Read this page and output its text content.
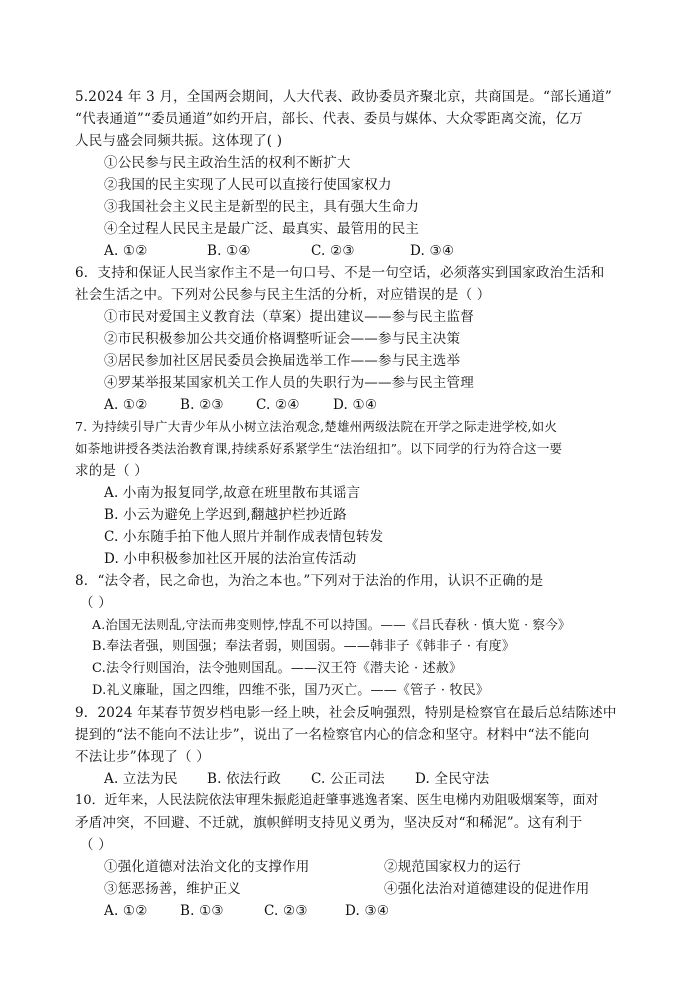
5.2024 年 3 月，全国两会期间，人大代表、政协委员齐聚北京，共商国是。“部长通道”
“代表通道”“委员通道”如约开启，部长、代表、委员与媒体、大众零距离交流，亿万
人民与盛会同频共振。这体现了( )
①公民参与民主政治生活的权利不断扩大
②我国的民主实现了人民可以直接行使国家权力
③我国社会主义民主是新型的民主，具有强大生命力
④全过程人民民主是最广泛、最真实、最管用的民主
A. ①②	B. ①④	C. ②③	D. ③④
6．支持和保证人民当家作主不是一句口号、不是一句空话，必须落实到国家政治生活和
社会生活之中。下列对公民参与民主生活的分析，对应错误的是（ ）
①市民对爱国主义教育法（草案）提出建议——参与民主监督
②市民积极参加公共交通价格调整听证会——参与民主决策
③居民参加社区居民委员会换届选举工作——参与民主选举
④罗某举报某国家机关工作人员的失职行为——参与民主管理
A. ①② B. ②③ C. ②④ D. ①④
7. 为持续引导广大青少年从小树立法治观念,楚雄州两级法院在开学之际走进学校,如火
如荼地讲授各类法治教育课,持续系好系紧学生“法治纽扣”。以下同学的行为符合这一要
求的是（ ）
A. 小南为报复同学,故意在班里散布其谣言
B. 小云为避免上学迟到,翻越护栏抄近路
C. 小东随手拍下他人照片并制作成表情包转发
D. 小申积极参加社区开展的法治宣传活动
8．“法令者，民之命也，为治之本也。”下列对于法治的作用，认识不正确的是
（ ）
A.治国无法则乱,守法而弗变则悖,悖乱不可以持国。——《吕氏春秋 · 慎大览 · 察今》
B.奉法者强，则国强；奉法者弱，则国弱。——韩非子《韩非子 · 有度》
C.法令行则国治，法令弛则国乱。——汉王符《潜夫论 · 述赦》
D.礼义廉耻，国之四维，四维不张，国乃灭亡。——《管子 · 牧民》
9．2024 年某春节贺岁档电影一经上映，社会反响强烈，特别是检察官在最后总结陈述中
提到的“法不能向不法让步”，说出了一名检察官内心的信念和坚守。材料中“法不能向
不法让步”体现了（ ）
A. 立法为民 B. 依法行政 C. 公正司法 D. 全民守法
10．近年来，人民法院依法审理朱振彪追赶肇事逃逸者案、医生电梯内劝阻吸烟案等，面对
矛盾冲突，不回避、不迁就，旗帜鲜明支持见义勇为，坚决反对“和稀泥”。这有利于
（ ）
①强化道德对法治文化的支撑作用	②规范国家权力的运行
③惩恶扬善，维护正义	④强化法治对道德建设的促进作用
A. ①② B. ①③	C. ②③	D. ③④
